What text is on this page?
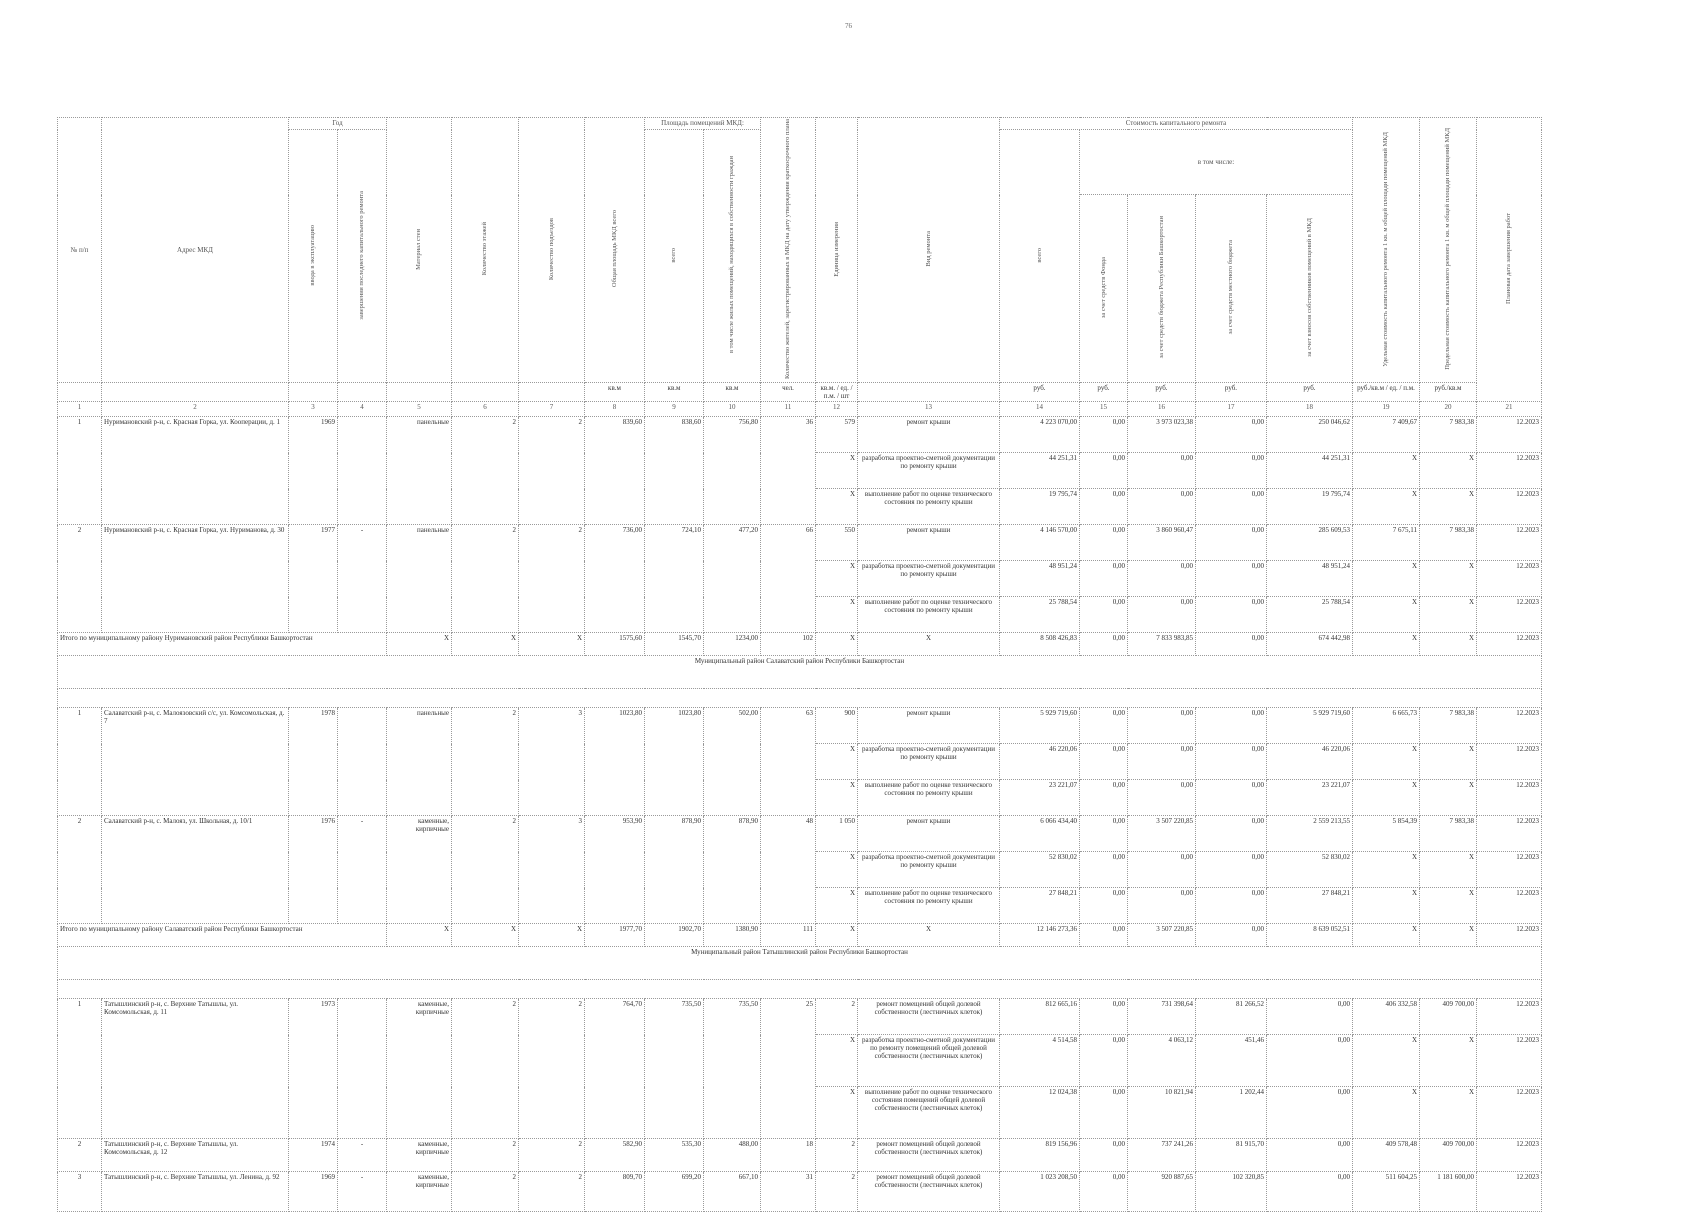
76
№ п/п	Адрес МКД	Год		Материал стен	Количество этажей	Количество подъездов	Общая площадь МКД всего	Площадь помещений МКД:		Количество жителей, зарегистрированных в МКД на дату утверждения краткосрочного плана	Единица измерения	Вид ремонта	Стоимость капитального ремонта					Удельная стоимость капитального ремонта 1 кв. м общей площади помещений МКД	Предельная стоимость капитального ремонта 1 кв. м общей площади помещений МКД	Плановая дата завершения работ
		ввода в эксплуатацию	завершения последнего капитального ремонта					всего	в том числе жилых помещений, находящихся в собственности граждан				всего	в том числе:						
														за счет средств Фонда	за счет средств бюджета Республики Башкортостан	за счет средств местного бюджета	за счет взносов собственников помещений в МКД			
							кв.м	кв.м	кв.м	чел.	кв.м. / ед. / п.м. / шт		руб.	руб.	руб.	руб.	руб.	руб./кв.м / ед. / п.м.	руб./кв.м	
1	2	3	4	5	6	7	8	9	10	11	12	13	14	15	16	17	18	19	20	21
1	Нуримановский р-н, с. Красная Горка, ул. Кооперации, д. 1	1969		панельные	2	2	839,60	838,60	756,80	36	579	ремонт крыши	4 223 070,00	0,00	3 973 023,38	0,00	250 046,62	7 409,67	7 983,38	12.2023
											X	разработка проектно-сметной документации по ремонту крыши	44 251,31	0,00	0,00	0,00	44 251,31	X	X	12.2023
											X	выполнение работ по оценке технического состояния по ремонту крыши	19 795,74	0,00	0,00	0,00	19 795,74	X	X	12.2023
2	Нуримановский р-н, с. Красная Горка, ул. Нуриманова, д. 30	1977	-	панельные	2	2	736,00	724,10	477,20	66	550	ремонт крыши	4 146 570,00	0,00	3 860 960,47	0,00	285 609,53	7 675,11	7 983,38	12.2023
											X	разработка проектно-сметной документации по ремонту крыши	48 951,24	0,00	0,00	0,00	48 951,24	X	X	12.2023
											X	выполнение работ по оценке технического состояния по ремонту крыши	25 788,54	0,00	0,00	0,00	25 788,54	X	X	12.2023
Итого по муниципальному району Нуримановский район Республики Башкортостан				X	X	X	1575,60	1545,70	1234,00	102	X	X	8 508 426,83	0,00	7 833 983,85	0,00	674 442,98	X	X	12.2023
Муниципальный район Салаватский район Республики Башкортостан																				

1	Салаватский р-н, с. Малоязовский с/с, ул. Комсомольская, д. 7	1978		панельные	2	3	1023,80	1023,80	502,00	63	900	ремонт крыши	5 929 719,60	0,00	0,00	0,00	5 929 719,60	6 665,73	7 983,38	12.2023
											X	разработка проектно-сметной документации по ремонту крыши	46 220,06	0,00	0,00	0,00	46 220,06	X	X	12.2023
											X	выполнение работ по оценке технического состояния по ремонту крыши	23 221,07	0,00	0,00	0,00	23 221,07	X	X	12.2023
2	Салаватский р-н, с. Малояз, ул. Школьная, д. 10/1	1976	-	каменные, кирпичные	2	3	953,90	878,90	878,90	48	1 050	ремонт крыши	6 066 434,40	0,00	3 507 220,85	0,00	2 559 213,55	5 854,39	7 983,38	12.2023
											X	разработка проектно-сметной документации по ремонту крыши	52 830,02	0,00	0,00	0,00	52 830,02	X	X	12.2023
											X	выполнение работ по оценке технического состояния по ремонту крыши	27 848,21	0,00	0,00	0,00	27 848,21	X	X	12.2023
Итого по муниципальному району Салаватский район Республики Башкортостан				X	X	X	1977,70	1902,70	1380,90	111	X	X	12 146 273,36	0,00	3 507 220,85	0,00	8 639 052,51	X	X	12.2023
Муниципальный район Татышлинский район Республики Башкортостан																				

1	Татышлинский р-н, с. Верхние Татышлы, ул. Комсомольская, д. 11	1973		каменные, кирпичные	2	2	764,70	735,50	735,50	25	2	ремонт помещений общей долевой собственности (лестничных клеток)	812 665,16	0,00	731 398,64	81 266,52	0,00	406 332,58	409 700,00	12.2023
											X	разработка проектно-сметной документации по ремонту помещений общей долевой собственности (лестничных клеток)	4 514,58	0,00	4 063,12	451,46	0,00	X	X	12.2023
											X	выполнение работ по оценке технического состояния помещений общей долевой собственности (лестничных клеток)	12 024,38	0,00	10 821,94	1 202,44	0,00	X	X	12.2023
2	Татышлинский р-н, с. Верхние Татышлы, ул. Комсомольская, д. 12	1974	-	каменные, кирпичные	2	2	582,90	535,30	488,00	18	2	ремонт помещений общей долевой собственности (лестничных клеток)	819 156,96	0,00	737 241,26	81 915,70	0,00	409 578,48	409 700,00	12.2023
3	Татышлинский р-н, с. Верхние Татышлы, ул. Ленина, д. 92	1969	-	каменные, кирпичные	2	2	809,70	699,20	667,10	31	2	ремонт помещений общей долевой собственности (лестничных клеток)	1 023 208,50	0,00	920 887,65	102 320,85	0,00	511 604,25	1 181 600,00	12.2023
